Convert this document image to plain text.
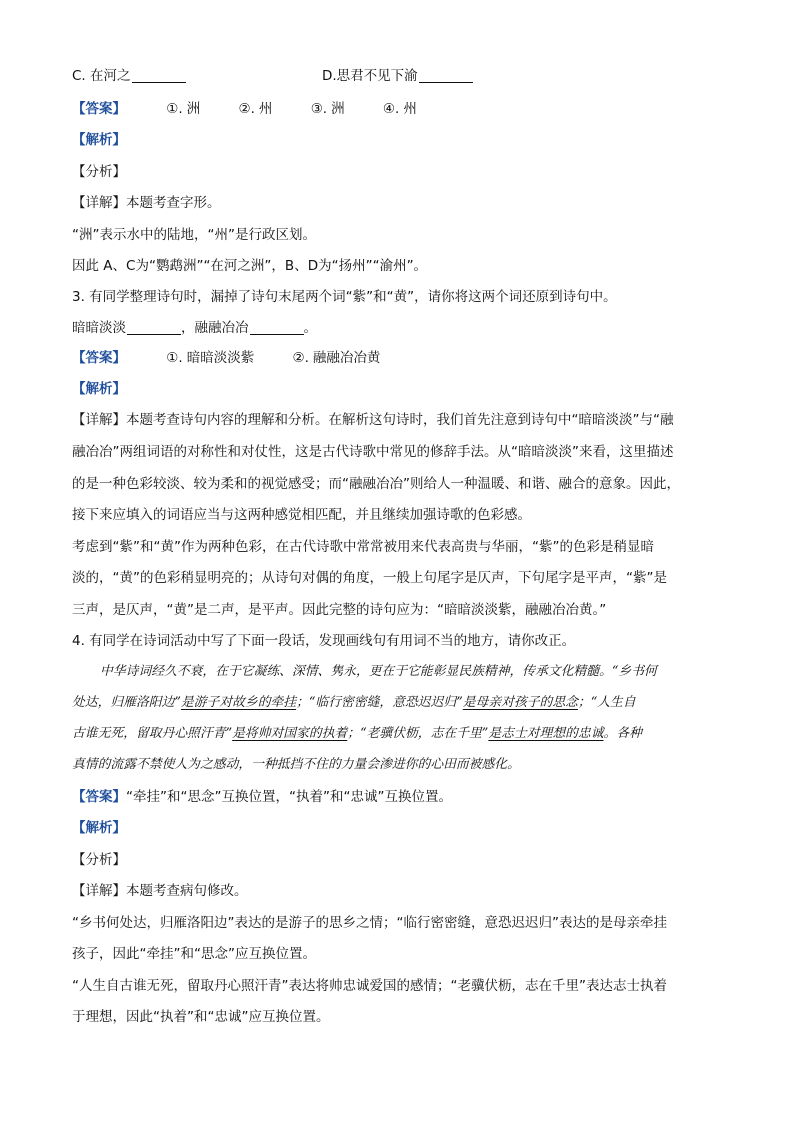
C. 在河之	D.思君不见下渝
【答案】	①. 洲	②. 州	③. 洲	④. 州
【解析】
【分析】
【详解】本题考查字形。
“洲”表示水中的陆地，“州”是行政区划。
因此 A、C为“鹦鹉洲”“在河之洲”，B、D为“扬州”“渝州”。
3. 有同学整理诗句时，漏掉了诗句末尾两个词“紫”和“黄”，请你将这两个词还原到诗句中。
暗暗淡淡	，融融冶冶	。
【答案】	①. 暗暗淡淡紫	②. 融融冶冶黄
【解析】
【详解】本题考查诗句内容的理解和分析。在解析这句诗时，我们首先注意到诗句中“暗暗淡淡”与“融
融冶冶”两组词语的对称性和对仗性，这是古代诗歌中常见的修辞手法。从“暗暗淡淡”来看，这里描述
的是一种色彩较淡、较为柔和的视觉感受；而“融融冶冶”则给人一种温暖、和谐、融合的意象。因此，
接下来应填入的词语应当与这两种感觉相匹配，并且继续加强诗歌的色彩感。
考虑到“紫”和“黄”作为两种色彩，在古代诗歌中常常被用来代表高贵与华丽，“紫”的色彩是稍显暗
淡的，“黄”的色彩稍显明亮的；从诗句对偶的角度，一般上句尾字是仄声，下句尾字是平声，“紫”是
三声，是仄声，“黄”是二声，是平声。因此完整的诗句应为：“暗暗淡淡紫，融融冶冶黄。”
4. 有同学在诗词活动中写了下面一段话，发现画线句有用词不当的地方，请你改正。
中华诗词经久不衰，在于它凝练、深情、隽永，更在于它能彰显民族精神，传承文化精髓。“乡书何
处达，归雁洛阳边”是游子对故乡的牵挂；“临行密密缝，意恐迟迟归”是母亲对孩子的思念；“人生自
古谁无死，留取丹心照汗青”是将帅对国家的执着；“老骥伏枥，志在千里”是志士对理想的忠诚。各种
真情的流露不禁使人为之感动，一种抵挡不住的力量会渗进你的心田而被感化。
【答案】“牵挂”和“思念”互换位置，“执着”和“忠诚”互换位置。
【解析】
【分析】
【详解】本题考查病句修改。
“乡书何处达，归雁洛阳边”表达的是游子的思乡之情；“临行密密缝，意恐迟迟归”表达的是母亲牵挂
孩子，因此“牵挂”和“思念”应互换位置。
“人生自古谁无死，留取丹心照汗青”表达将帅忠诚爱国的感情；“老骥伏枥，志在千里”表达志士执着
于理想，因此“执着”和“忠诚”应互换位置。
